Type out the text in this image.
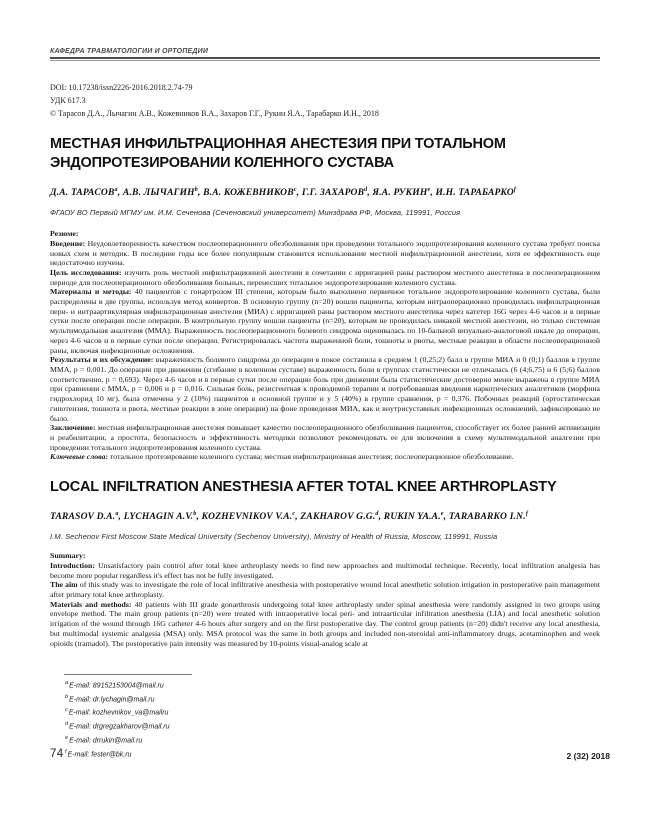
КАФЕДРА ТРАВМАТОЛОГИИ И ОРТОПЕДИИ
DOI: 10.17238/issn2226-2016.2018.2.74-79
УДК 617.3
© Тарасов Д.А., Лычагин А.В., Кожевников В.А., Захаров Г.Г., Рукин Я.А., Тарабарко И.Н., 2018
МЕСТНАЯ ИНФИЛЬТРАЦИОННАЯ АНЕСТЕЗИЯ ПРИ ТОТАЛЬНОМ ЭНДОПРОТЕЗИРОВАНИИ КОЛЕННОГО СУСТАВА
Д.А. ТАРАСОВ$^a$, А.В. ЛЫЧАГИН$^b$, В.А. КОЖЕВНИКОВ$^c$, Г.Г. ЗАХАРОВ$^d$, Я.А. РУКИН$^e$, И.Н. ТАРАБАРКО$^f$
ФГАОУ ВО Первый МГМУ им. И.М. Сеченова (Сеченовский университет) Минздрава РФ, Москва, 119991, Россия

Резюме:

Введение: Неудовлетворенность качеством послеоперационного обезболивания при проведении тотального эндопротезирования коленного сустава требует поиска новых схем и методик. В последние годы все более популярным становится использование местной инфильтрационной анестезии, хотя ее эффективность еще недостаточно изучена.

Цель исследования: изучить роль местной инфильтрационной анестезии в сочетании с ирригацией раны раствором местного анестетика в послеоперационном периоде для послеоперационного обезболивания больных, перенесших тотальное эндопротезирование коленного сустава.

Материалы и методы: 40 пациентов с гонартрозом III степени, которым было выполнено первичное тотальное эндопротезирование коленного сустава, были распределены в две группы, используя метод конвертов. В основную группу (n=20) вошли пациенты, которым интраоперационно проводилась инфильтрационная пери- и интраартикулярная инфильтрационная анестезия (МИА) с ирригацией раны раствором местного анестетика через катетер 16G через 4-6 часов и в первые сутки после операции после операции. В контрольную группу вошли пациенты (n=20), которым не проводилась никакой местной анестезии, но только системная мультимодальная аналгезия (ММА). Выраженность послеоперационного болевого синдрома оценивалась по 10-бальной визуально-аналоговой шкале до операции, через 4-6 часов и в первые сутки после операции. Регистрировалась частота выраженной боли, тошноты и рвоты, местные реакции в области послеоперационной раны, включая инфекционные осложнения.

Результаты и их обсуждение: выраженность болевого синдрома до операции в покое составила в среднем 1 (0,25;2) балл в группе МИА и 0 (0;1) баллов в группе ММА, р = 0,001. До операции при движении (сгибание в коленном суставе) выраженность боли в группах статистически не отличалась (6 (4;6,75) и 6 (5;6) баллов соответственно, р = 0,693). Через 4-6 часов и в первые сутки после операции боль при движении была статистические достоверно менее выражена в группе МИА при сравнении с ММА, р = 0,006 и р = 0,016. Сильная боль, резистентная к проводимой терапии и потребовавшая введения наркотических аналгетиков (морфина гидрохлорид 10 мг), была отмечена у 2 (10%) пациентов в основной группе и у 5 (40%) в группе сравнения, р = 0,376. Побочных реакций (ортостатическая гипотензия, тошнота и рвота, местные реакции в зоне операции) на фоне проведения МИА, как и внутрисуставных инфекционных осложнений, зафиксировано не было.

Заключение: местная инфильтрационная анестезия повышает качество послеоперационного обезболивания пациентов, способствует их более ранней активизации и реабилитации, а простота, безопасность и эффективность методики позволяют рекомендовать ее для включения в схему мультимодальной аналгезии при проведении тотального эндопротезирования коленного сустава.

Ключевые слова: тотальное протезирование коленного сустава; местная инфильтрационная анестезия; послеоперационное обезболивание.

LOCAL INFILTRATION ANESTHESIA AFTER TOTAL KNEE ARTHROPLASTY
TARASOV D.A.$^a$, LYCHAGIN A.V.$^b$, KOZHEVNIKOV V.A.$^c$, ZAKHAROV G.G.$^d$, RUKIN YA.A.$^e$, TARABARKO I.N.$^f$
I.M. Sechenov First Moscow State Medical University (Sechenov University), Ministry of Health of Russia, Moscow, 119991, Russia

Summary:

Introduction: Unsatisfactory pain control after total knee arthroplasty needs to find new approaches and multimodal technique. Recently, local infiltration analgesia has become more popular regardless it's effect has not be fully investigated.

The aim of this study was to investigate the role of local infiltrative anesthesia with postoperative wound local anesthetic solution irrigation in postoperative pain management after primary total knee arthroplasty.

Materials and methods: 40 patients with III grade gonarthrosis undergoing total knee arthroplasty under spinal anesthesia were randomly assigned in two groups using envelope method. The main group patients (n=20) were treated with intraoperative local peri- and intraarticular infiltration anesthesia (LIA) and local anesthetic solution irrigation of the wound through 16G catheter 4-6 hours after surgery and on the first postoperative day. The control group patients (n=20) didn't receive any local anesthesia, but multimodal systemic analgesia (MSA) only. MSA protocol was the same in both groups and included non-steroidal anti-inflammatory drugs, acetaminophen and week opioids (tramadol). The postoperative pain intensity was measured by 10-points visual-analog scale at

$^a$E-mail: 89152153004@mail.ru
$^b$E-mail: dr.lychagin@mail.ru
$^c$E-mail: kozhevnikov_va@mailru
$^d$E-mail: drgregzakharov@mail.ru
$^e$E-mail: drrukin@mail.ru
$^f$E-mail: fester@bk.ru
74	2 (32) 2018
